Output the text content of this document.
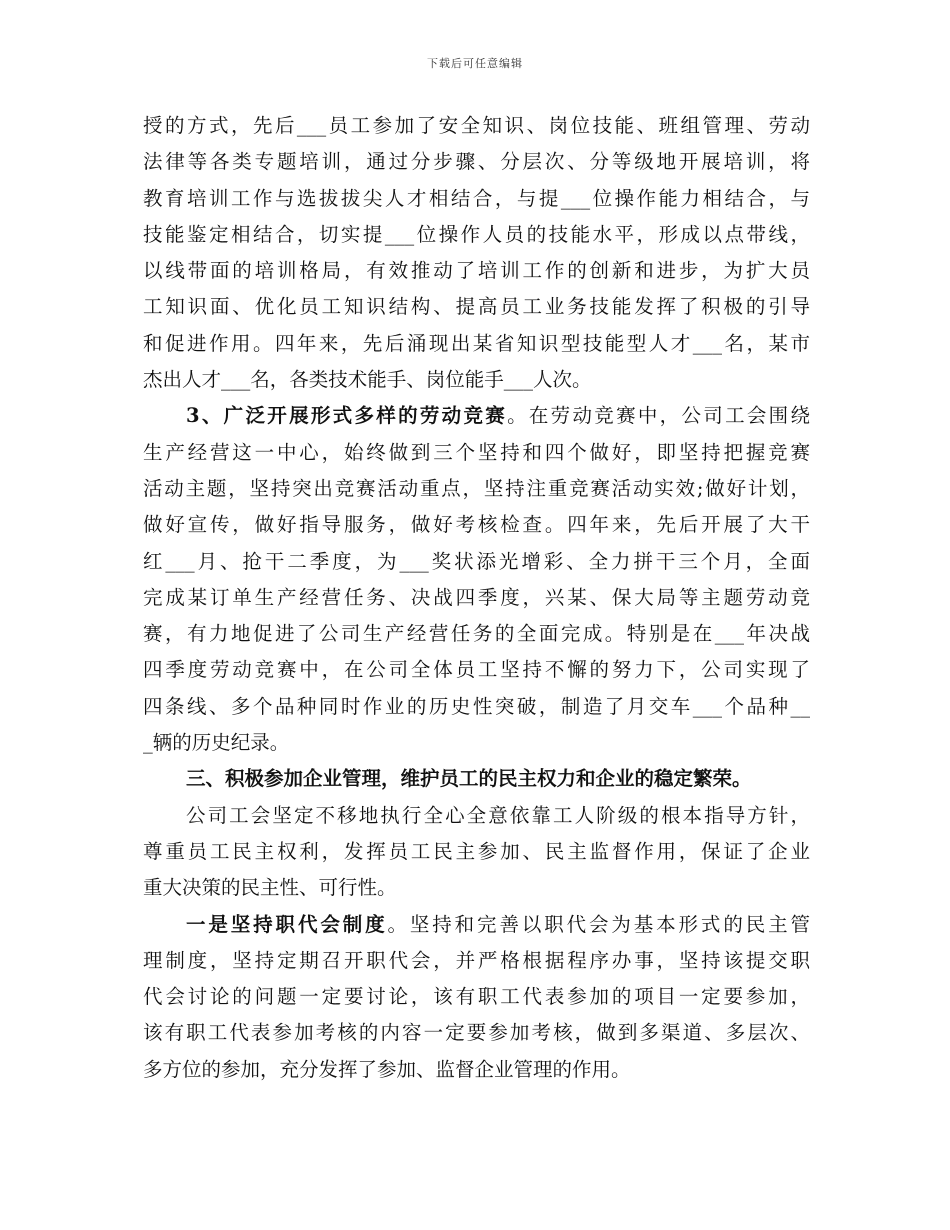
下载后可任意编辑
授的方式，先后___员工参加了安全知识、岗位技能、班组管理、劳动
法律等各类专题培训，通过分步骤、分层次、分等级地开展培训，将
教育培训工作与选拔拔尖人才相结合，与提___位操作能力相结合，与
技能鉴定相结合，切实提___位操作人员的技能水平，形成以点带线，
以线带面的培训格局，有效推动了培训工作的创新和进步，为扩大员
工知识面、优化员工知识结构、提高员工业务技能发挥了积极的引导
和促进作用。四年来，先后涌现出某省知识型技能型人才___名，某市
杰出人才___名，各类技术能手、岗位能手___人次。
3、广泛开展形式多样的劳动竞赛。在劳动竞赛中，公司工会围绕
生产经营这一中心，始终做到三个坚持和四个做好，即坚持把握竞赛
活动主题，坚持突出竞赛活动重点，坚持注重竞赛活动实效;做好计划，
做好宣传，做好指导服务，做好考核检查。四年来，先后开展了大干
红___月、抢干二季度，为___奖状添光增彩、全力拼干三个月，全面
完成某订单生产经营任务、决战四季度，兴某、保大局等主题劳动竞
赛，有力地促进了公司生产经营任务的全面完成。特别是在___年决战
四季度劳动竞赛中，在公司全体员工坚持不懈的努力下，公司实现了
四条线、多个品种同时作业的历史性突破，制造了月交车___个品种__
_辆的历史纪录。
三、积极参加企业管理，维护员工的民主权力和企业的稳定繁荣。
公司工会坚定不移地执行全心全意依靠工人阶级的根本指导方针，
尊重员工民主权利，发挥员工民主参加、民主监督作用，保证了企业
重大决策的民主性、可行性。
一是坚持职代会制度。坚持和完善以职代会为基本形式的民主管
理制度，坚持定期召开职代会，并严格根据程序办事，坚持该提交职
代会讨论的问题一定要讨论，该有职工代表参加的项目一定要参加，
该有职工代表参加考核的内容一定要参加考核，做到多渠道、多层次、
多方位的参加，充分发挥了参加、监督企业管理的作用。
